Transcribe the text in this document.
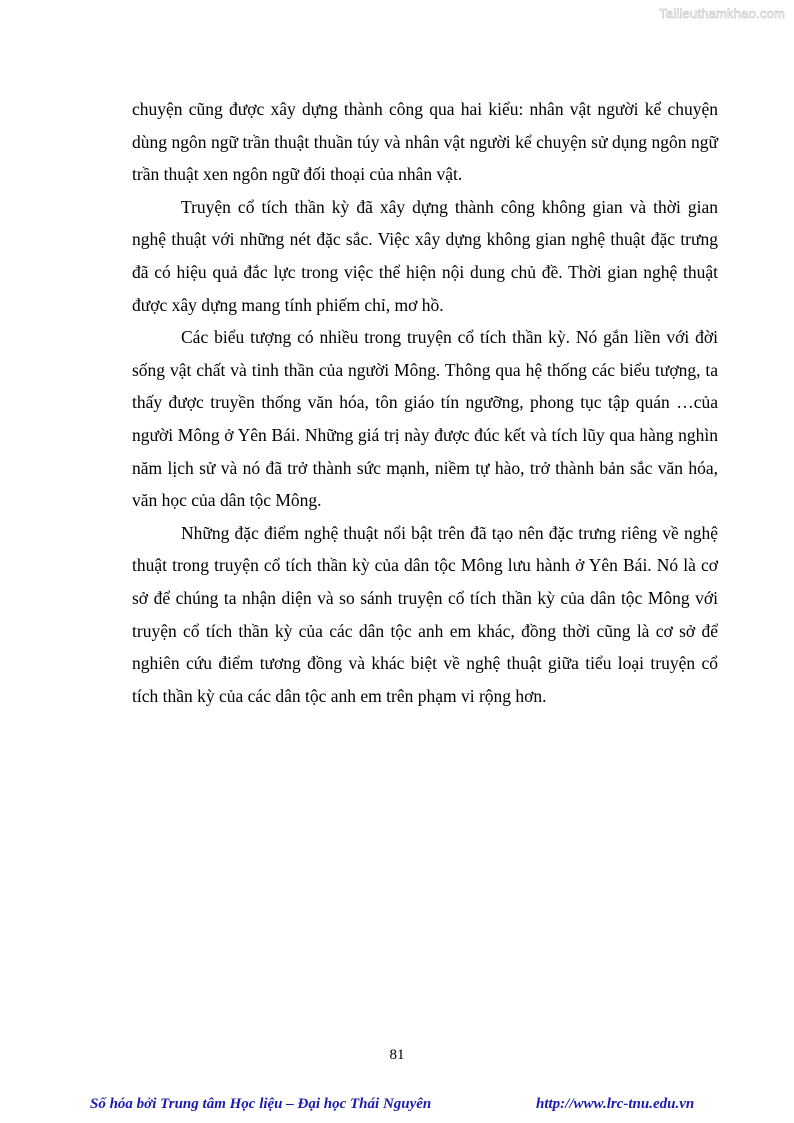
Tailieuthamkhao.com

chuyện cũng được xây dựng thành công qua hai kiểu: nhân vật người kể chuyện dùng ngôn ngữ trần thuật thuần túy và nhân vật người kể chuyện sử dụng ngôn ngữ trần thuật xen ngôn ngữ đối thoại của nhân vật.

Truyện cổ tích thần kỳ đã xây dựng thành công không gian và thời gian nghệ thuật với những nét đặc sắc. Việc xây dựng không gian nghệ thuật đặc trưng đã có hiệu quả đắc lực trong việc thể hiện nội dung chủ đề. Thời gian nghệ thuật được xây dựng mang tính phiếm chỉ, mơ hồ.

Các biểu tượng có nhiều trong truyện cổ tích thần kỳ. Nó gắn liền với đời sống vật chất và tinh thần của người Mông. Thông qua hệ thống các biểu tượng, ta thấy được truyền thống văn hóa, tôn giáo tín ngưỡng, phong tục tập quán …của người Mông ở Yên Bái. Những giá trị này được đúc kết và tích lũy qua hàng nghìn năm lịch sử và nó đã trở thành sức mạnh, niềm tự hào, trở thành bản sắc văn hóa, văn học của dân tộc Mông.

Những đặc điểm nghệ thuật nổi bật trên đã tạo nên đặc trưng riêng về nghệ thuật trong truyện cổ tích thần kỳ của dân tộc Mông lưu hành ở Yên Bái. Nó là cơ sở để chúng ta nhận diện và so sánh truyện cổ tích thần kỳ của dân tộc Mông với truyện cổ tích thần kỳ của các dân tộc anh em khác, đồng thời cũng là cơ sở để nghiên cứu điểm tương đồng và khác biệt về nghệ thuật giữa tiểu loại truyện cổ tích thần kỳ của các dân tộc anh em trên phạm vi rộng hơn.

81
Số hóa bởi Trung tâm Học liệu – Đại học Thái Nguyên	http://www.lrc-tnu.edu.vn
